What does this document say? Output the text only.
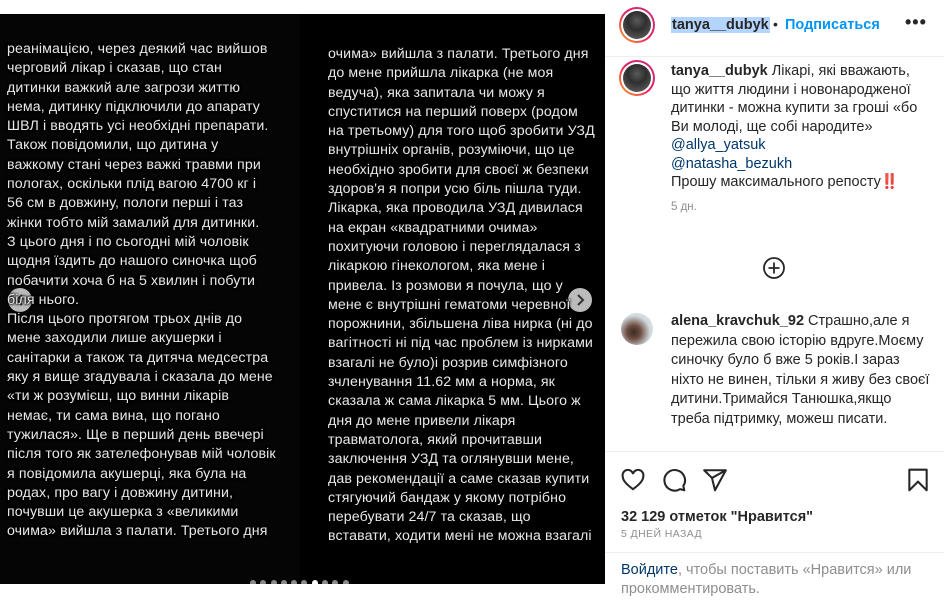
реанімацією, через деякий час вийшов
черговий лікар і сказав, що стан
дитинки важкий але загрози життю
нема, дитинку підключили до апарату
ШВЛ і вводять усі необхідні препарати.
Також повідомили, що дитина у
важкому стані через важкі травми при
пологах, оскільки плід вагою 4700 кг і
56 см в довжину, пологи перші і таз
жінки тобто мій замалий для дитинки.
З цього дня і по сьогодні мій чоловік
щодня їздить до нашого синочка щоб
побачити хоча б на 5 хвилин і побути
біля нього.
Після цього протягом трьох днів до
мене заходили лише акушерки і
санітарки а також та дитяча медсестра
яку я вище згадувала і сказала до мене
«ти ж розумієш, що винни лікарів
немає, ти сама вина, що погано
тужилася». Ще в перший день ввечері
після того як зателефонував мій чоловік
я повідомила акушерці, яка була на
родах, про вагу і довжину дитини,
почувши це акушерка з «великими
очима» вийшла з палати. Третього дня
очима» вийшла з палати. Третього дня
до мене прийшла лікарка (не моя
ведуча), яка запитала чи можу я
спуститися на перший поверх (родом
на третьому) для того щоб зробити УЗД
внутрішніх органів, розуміючи, що це
необхідно зробити для своєї ж безпеки
здоров'я я попри усю біль пішла туди.
Лікарка, яка проводила УЗД дивилася
на екран «квадратними очима»
похитуючи головою і переглядалася з
лікаркою гінекологом, яка мене і
привела. Із розмови я почула, що у
мене є внутрішні гематоми черевної
порожнини, збільшена ліва нирка (ні до
вагітності ні під час проблем із нирками
взагалі не було)і розрив симфізного
зчленування 11.62 мм а норма, як
сказала ж сама лікарка 5 мм. Цього ж
дня до мене привели лікаря
травматолога, який прочитавши
заключення УЗД та оглянувши мене,
дав рекомендації а саме сказав купити
стягуючий бандаж у якому потрібно
перебувати 24/7 та сказав, що
вставати, ходити мені не можна взагалі
tanya__dubyk • Подписаться •••
tanya__dubyk Лікарі, які вважають, що життя людини і новонародженої дитинки - можна купити за гроші «бо Ви молоді, ще собі народите»
@allya_yatsuk
@natasha_bezukh
Прошу максимального репосту‼️
5 дн.
alena_kravchuk_92 Страшно,але я пережила свою історію вдруге.Моєму синочку було б вже 5 років.І зараз ніхто не винен, тільки я живу без своєї дитини.Тримайся Танюшка,якщо треба підтримку, можеш писати.
32 129 отметок "Нравится"
5 ДНЕЙ НАЗАД
Войдите, чтобы поставить «Нравится» или прокомментировать.
